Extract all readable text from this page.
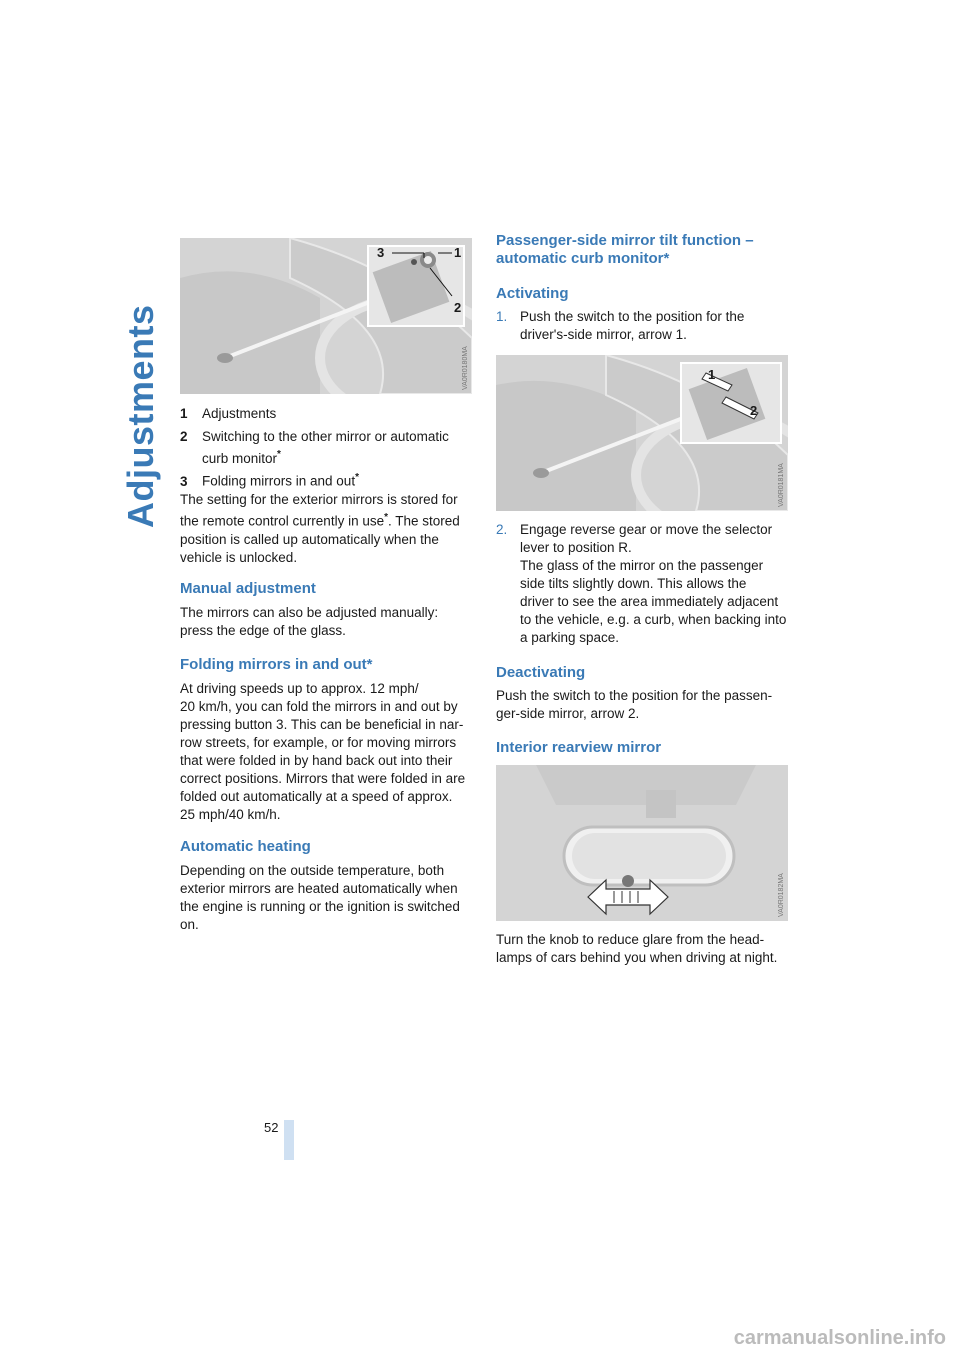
Adjustments
3	1
2
VA0R0180MA
1 Adjustments
2 Switching to the other mirror or automatic
curb monitor*
3 Folding mirrors in and out*
The setting for the exterior mirrors is stored for
the remote control currently in use*. The stored
position is called up automatically when the
vehicle is unlocked.
Manual adjustment
The mirrors can also be adjusted manually:
press the edge of the glass.
Folding mirrors in and out*
At driving speeds up to approx. 12 mph/
20 km/h, you can fold the mirrors in and out by
pressing button 3. This can be beneficial in nar-
row streets, for example, or for moving mirrors
that were folded in by hand back out into their
correct positions. Mirrors that were folded in are
folded out automatically at a speed of approx.
25 mph/40 km/h.
Automatic heating
Depending on the outside temperature, both
exterior mirrors are heated automatically when
the engine is running or the ignition is switched
on.
Passenger-side mirror tilt function –
automatic curb monitor*
Activating
1. Push the switch to the position for the
driver's-side mirror, arrow 1.
1
2
VA0R0181MA
2. Engage reverse gear or move the selector
lever to position R.
The glass of the mirror on the passenger
side tilts slightly down. This allows the
driver to see the area immediately adjacent
to the vehicle, e.g. a curb, when backing into
a parking space.
Deactivating
Push the switch to the position for the passen-
ger-side mirror, arrow 2.
Interior rearview mirror
VA0R0182MA
Turn the knob to reduce glare from the head-
lamps of cars behind you when driving at night.
52
carmanualsonline.info
